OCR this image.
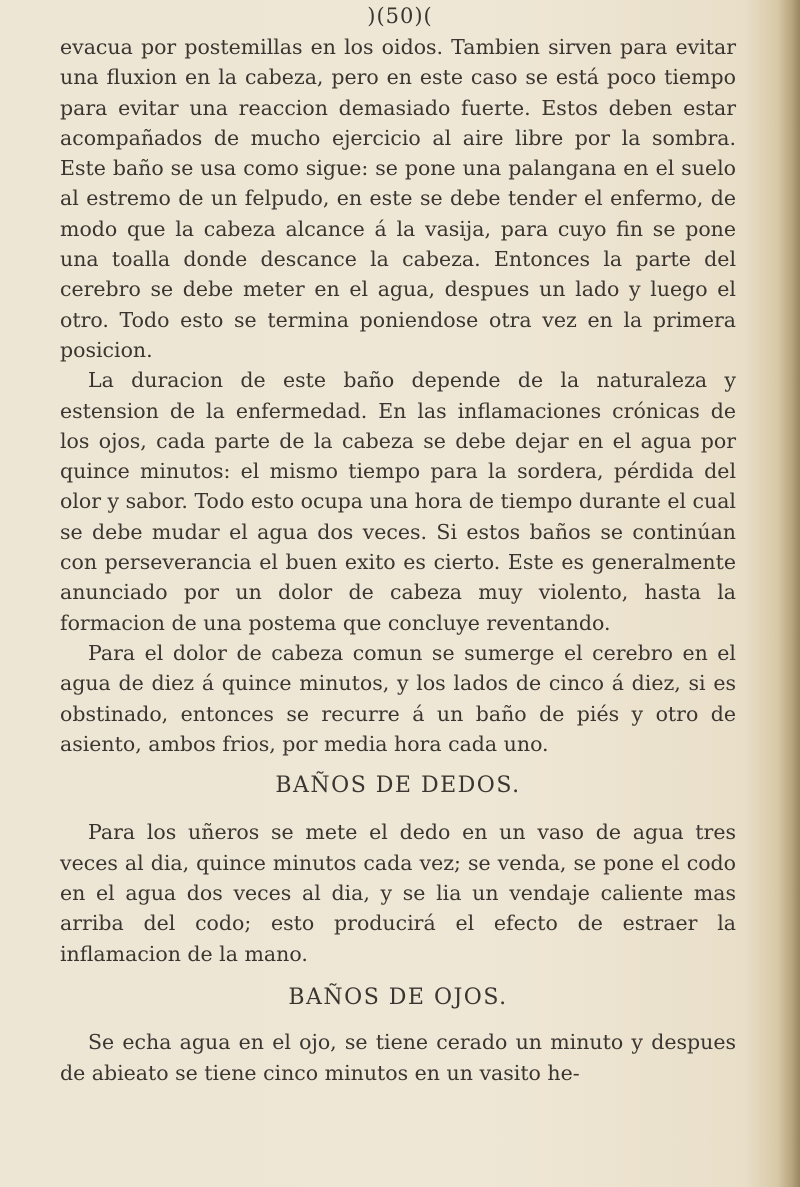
)(50)(

evacua por postemillas en los oidos. Tambien sirven para evitar una fluxion en la cabeza, pero en este caso se está poco tiempo para evitar una reaccion demasiado fuerte. Estos deben estar acompañados de mucho ejercicio al aire libre por la sombra. Este baño se usa como sigue: se pone una palangana en el suelo al estremo de un felpudo, en este se debe tender el enfermo, de modo que la cabeza alcance á la vasija, para cuyo fin se pone una toalla donde descance la cabeza. Entonces la parte del cerebro se debe meter en el agua, despues un lado y luego el otro. Todo esto se termina poniendose otra vez en la primera posicion.

La duracion de este baño depende de la naturaleza y estension de la enfermedad. En las inflamaciones crónicas de los ojos, cada parte de la cabeza se debe dejar en el agua por quince minutos: el mismo tiempo para la sordera, pérdida del olor y sabor. Todo esto ocupa una hora de tiempo durante el cual se debe mudar el agua dos veces. Si estos baños se continúan con perseverancia el buen exito es cierto. Este es generalmente anunciado por un dolor de cabeza muy violento, hasta la formacion de una postema que concluye reventando.

Para el dolor de cabeza comun se sumerge el cerebro en el agua de diez á quince minutos, y los lados de cinco á diez, si es obstinado, entonces se recurre á un baño de piés y otro de asiento, ambos frios, por media hora cada uno.

BAÑOS DE DEDOS.

Para los uñeros se mete el dedo en un vaso de agua tres veces al dia, quince minutos cada vez; se venda, se pone el codo en el agua dos veces al dia, y se lia un vendaje caliente mas arriba del codo; esto producirá el efecto de estraer la inflamacion de la mano.

BAÑOS DE OJOS.

Se echa agua en el ojo, se tiene cerado un minuto y despues de abieato se tiene cinco minutos en un vasito he-
